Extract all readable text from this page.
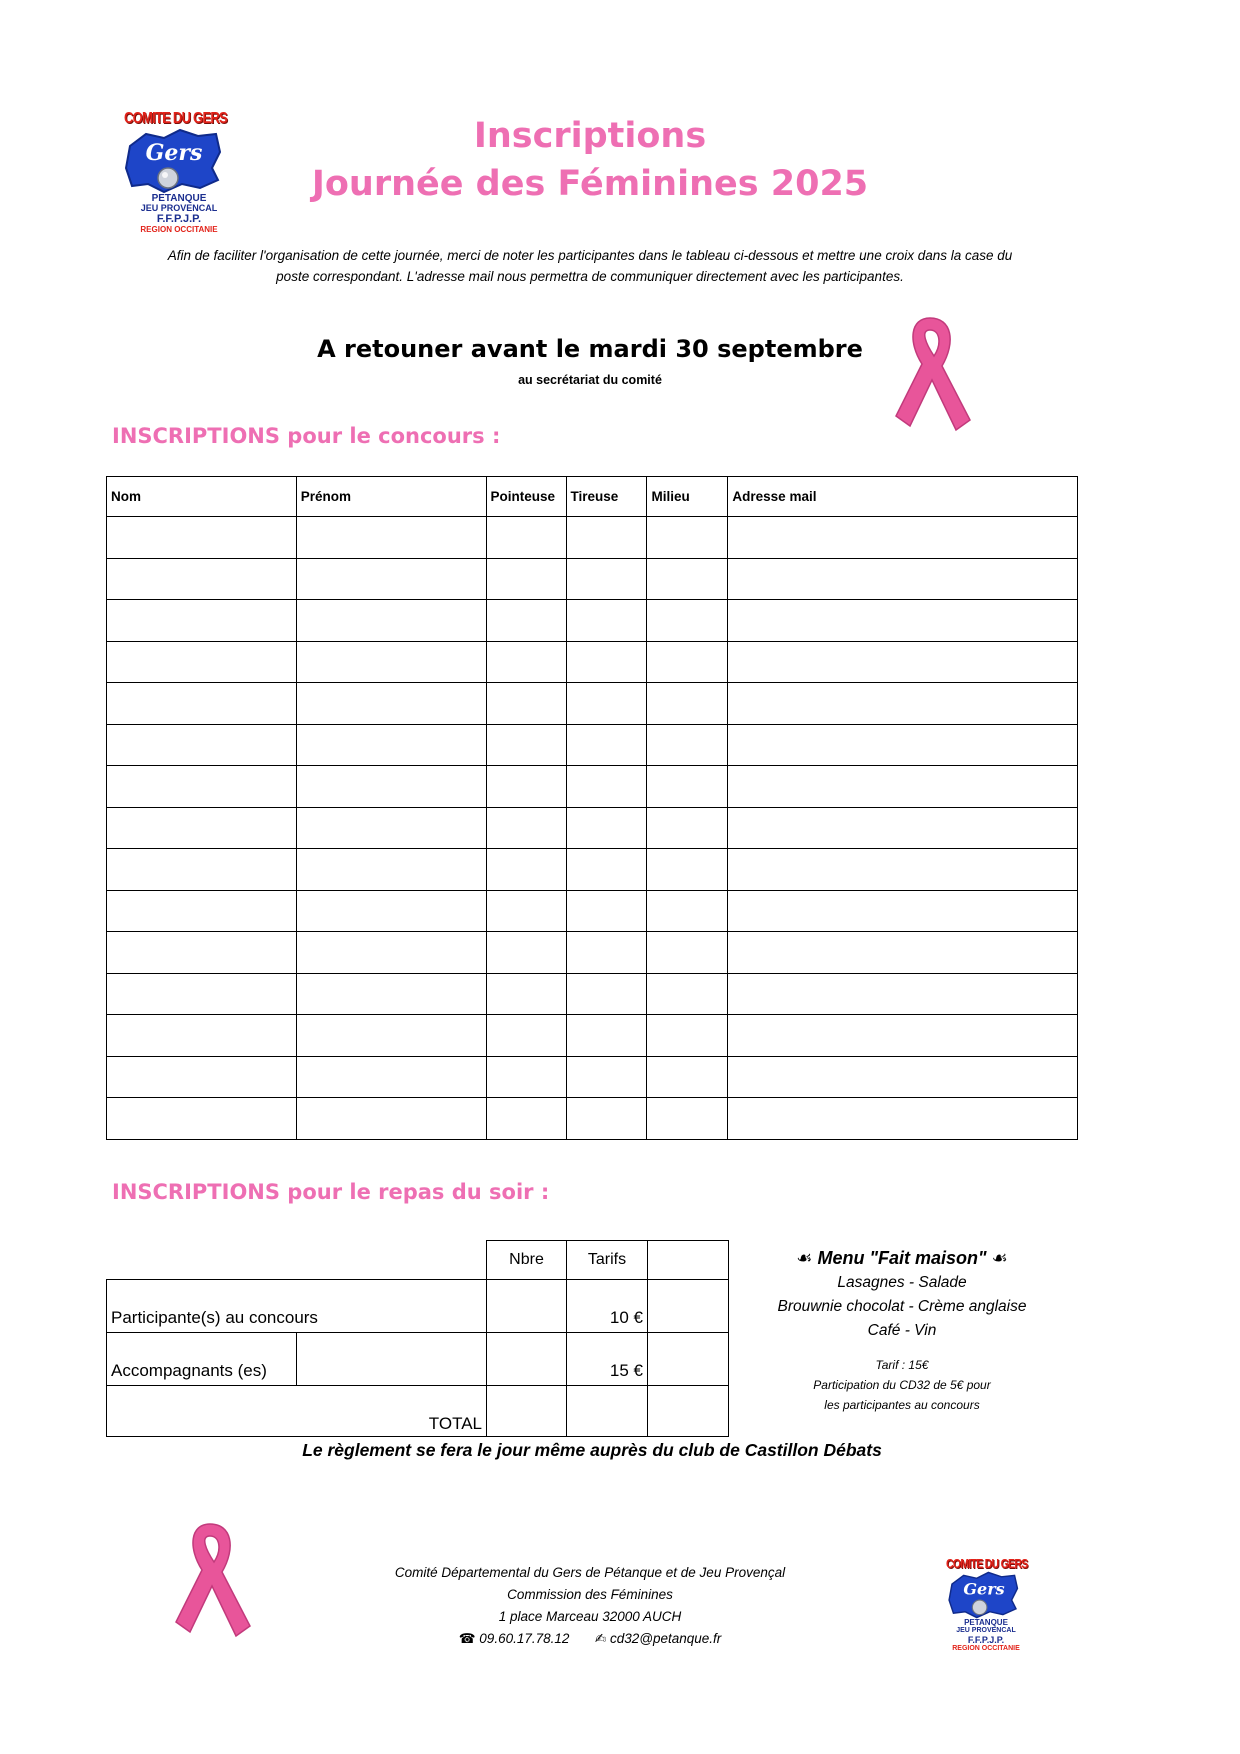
COMITE DU GERS
Gers
PETANQUE
JEU PROVENCAL
F.F.P.J.P.
REGION OCCITANIE
Inscriptions
Journée des Féminines 2025
Afin de faciliter l'organisation de cette journée, merci de noter les participantes dans le tableau ci-dessous et mettre une croix dans la case du
poste correspondant. L'adresse mail nous permettra de communiquer directement avec les participantes.
A retouner avant le mardi 30 septembre
au secrétariat du comité
INSCRIPTIONS pour le concours :
Nom	Prénom	Pointeuse	Tireuse	Milieu	Adresse mail

INSCRIPTIONS pour le repas du soir :
		Nbre	Tarifs	
Participante(s) au concours			10 €	
Accompagnants (es)			15 €	
TOTAL				
☙ Menu "Fait maison" ☙
Lasagnes - Salade
Brouwnie chocolat - Crème anglaise
Café - Vin
Tarif : 15€
Participation du CD32 de 5€ pour
les participantes au concours
Le règlement se fera le jour même auprès du club de Castillon Débats
Comité Départemental du Gers de Pétanque et de Jeu Provençal
Commission des Féminines
1 place Marceau 32000 AUCH
☎ 09.60.17.78.12 ✍ cd32@petanque.fr
COMITE DU GERS
Gers
PETANQUE
JEU PROVENCAL
F.F.P.J.P.
REGION OCCITANIE
